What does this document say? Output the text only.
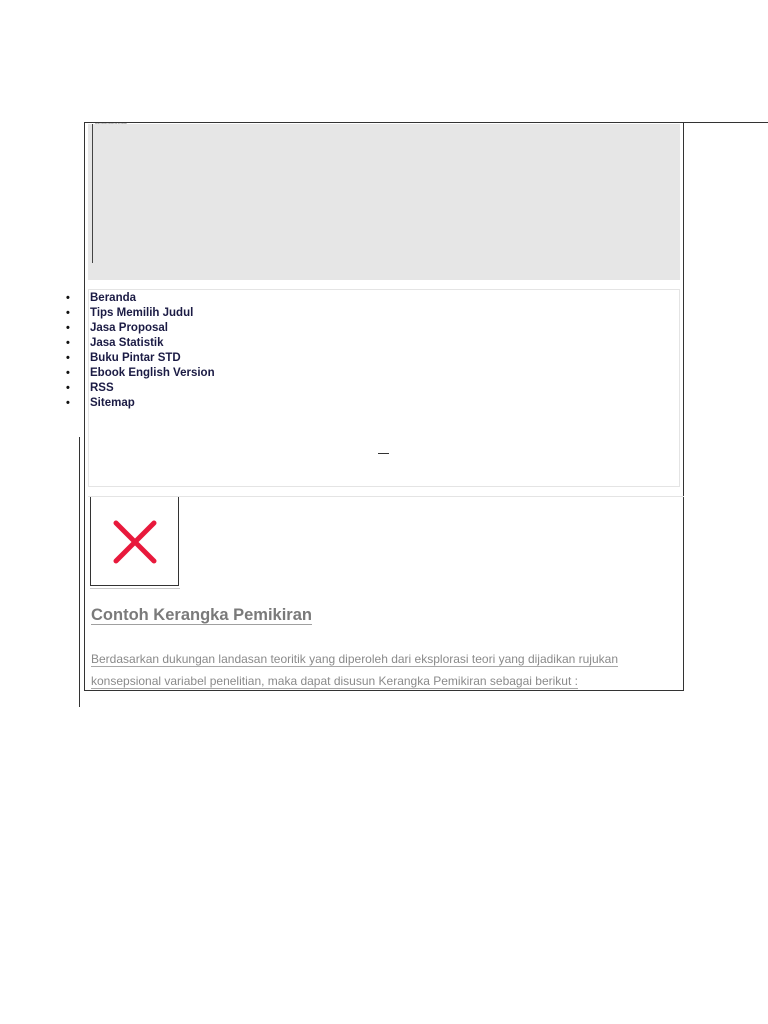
▪▪▪▪▪▪▪ ▪▪▪▪▪▪▪▪▪▪ ▪▪▪▪▪▪▪▪▪ ▪▪▪ ▪▪▪▪ ▪▪▪▪▪▪▪▪
• Beranda
• Tips Memilih Judul
• Jasa Proposal
• Jasa Statistik
• Buku Pintar STD
• Ebook English Version
• RSS
• Sitemap
Contoh Kerangka Pemikiran

Berdasarkan dukungan landasan teoritik yang diperoleh dari eksplorasi teori yang dijadikan rujukan konsepsional variabel penelitian, maka dapat disusun Kerangka Pemikiran sebagai berikut :
